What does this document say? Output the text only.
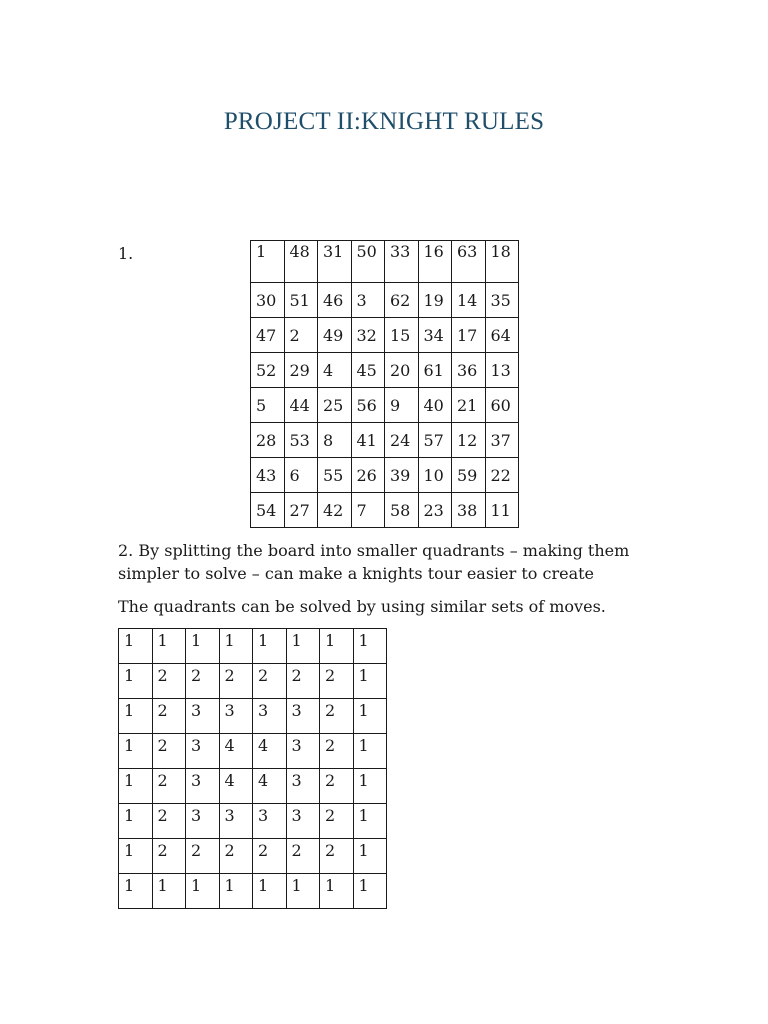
PROJECT II:KNIGHT RULES
1.	1	48	31	50	33	16	63	18
30	51	46	3	62	19	14	35
47	2	49	32	15	34	17	64
52	29	4	45	20	61	36	13
5	44	25	56	9	40	21	60
28	53	8	41	24	57	12	37
43	6	55	26	39	10	59	22
54	27	42	7	58	23	38	11
2. By splitting the board into smaller quadrants – making them simpler to solve – can make a knights tour easier to create
The quadrants can be solved by using similar sets of moves.
1	1	1	1	1	1	1	1
1	2	2	2	2	2	2	1
1	2	3	3	3	3	2	1
1	2	3	4	4	3	2	1
1	2	3	4	4	3	2	1
1	2	3	3	3	3	2	1
1	2	2	2	2	2	2	1
1	1	1	1	1	1	1	1
